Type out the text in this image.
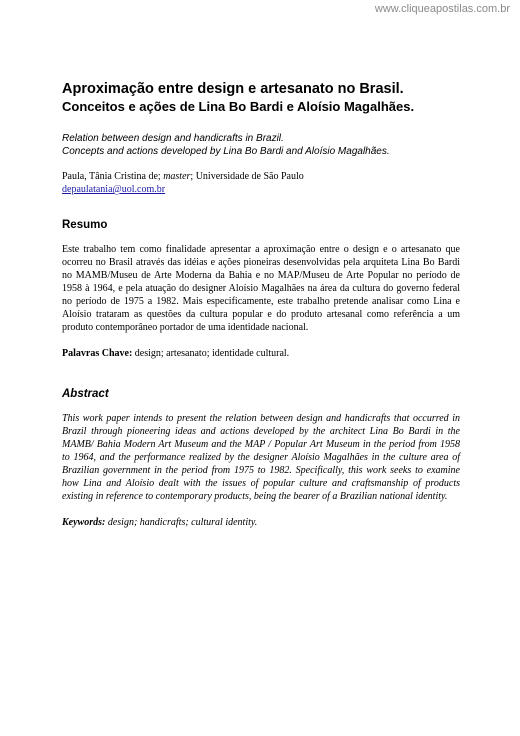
www.cliqueapostilas.com.br
Aproximação entre design e artesanato no Brasil.
Conceitos e ações de Lina Bo Bardi e Aloísio Magalhães.
Relation between design and handicrafts in Brazil.
Concepts and actions developed by Lina Bo Bardi and Aloísio Magalhães.
Paula, Tânia Cristina de; master; Universidade de São Paulo
depaulatania@uol.com.br
Resumo

Este trabalho tem como finalidade apresentar a aproximação entre o design e o artesanato que ocorreu no Brasil através das idéias e ações pioneiras desenvolvidas pela arquiteta Lina Bo Bardi no MAMB/Museu de Arte Moderna da Bahia e no MAP/Museu de Arte Popular no período de 1958 à 1964, e pela atuação do designer Aloísio Magalhães na área da cultura do governo federal no período de 1975 a 1982. Mais especificamente, este trabalho pretende analisar como Lina e Aloísio trataram as questões da cultura popular e do produto artesanal como referência a um produto contemporâneo portador de uma identidade nacional.

Palavras Chave: design; artesanato; identidade cultural.

Abstract

This work paper intends to present the relation between design and handicrafts that occurred in Brazil through pioneering ideas and actions developed by the architect Lina Bo Bardi in the MAMB/ Bahia Modern Art Museum and the MAP / Popular Art Museum in the period from 1958 to 1964, and the performance realized by the designer Aloísio Magalhães in the culture area of Brazilian government in the period from 1975 to 1982. Specifically, this work seeks to examine how Lina and Aloísio dealt with the issues of popular culture and craftsmanship of products existing in reference to contemporary products, being the bearer of a Brazilian national identity.

Keywords: design; handicrafts; cultural identity.
